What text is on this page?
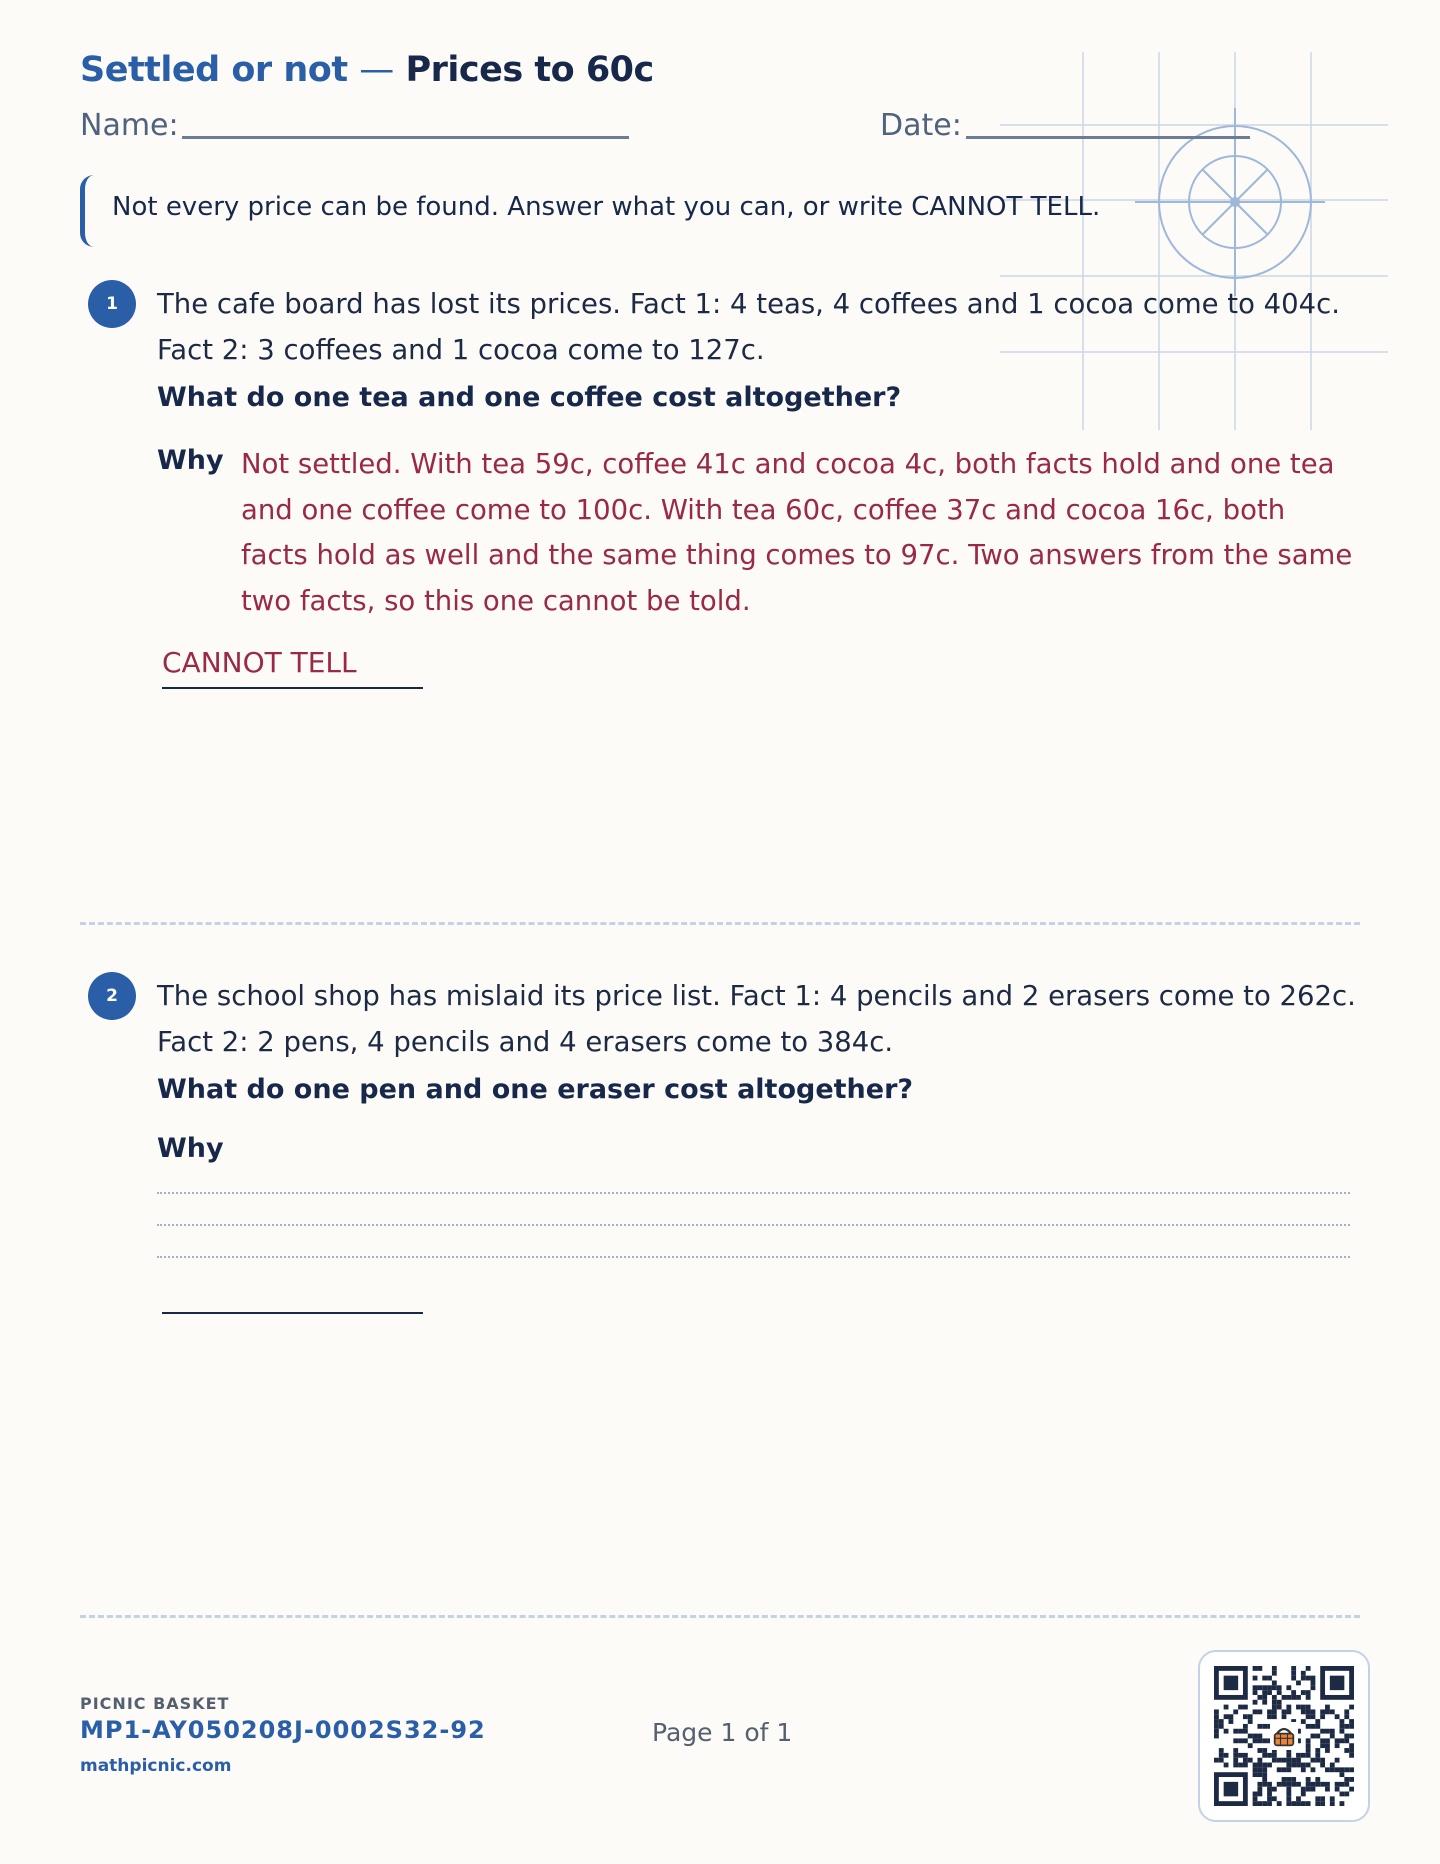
Settled or not — Prices to 60c
Name:	Date:
Not every price can be found. Answer what you can, or write CANNOT TELL.
1	The cafe board has lost its prices. Fact 1: 4 teas, 4 coffees and 1 cocoa come to 404c. Fact 2: 3 coffees and 1 cocoa come to 127c.
What do one tea and one coffee cost altogether?
Why Not settled. With tea 59c, coffee 41c and cocoa 4c, both facts hold and one tea and one coffee come to 100c. With tea 60c, coffee 37c and cocoa 16c, both facts hold as well and the same thing comes to 97c. Two answers from the same two facts, so this one cannot be told.
CANNOT TELL
2	The school shop has mislaid its price list. Fact 1: 4 pencils and 2 erasers come to 262c. Fact 2: 2 pens, 4 pencils and 4 erasers come to 384c.
What do one pen and one eraser cost altogether?
Why
PICNIC BASKET
MP1-AY050208J-0002S32-92
mathpicnic.com
Page 1 of 1
